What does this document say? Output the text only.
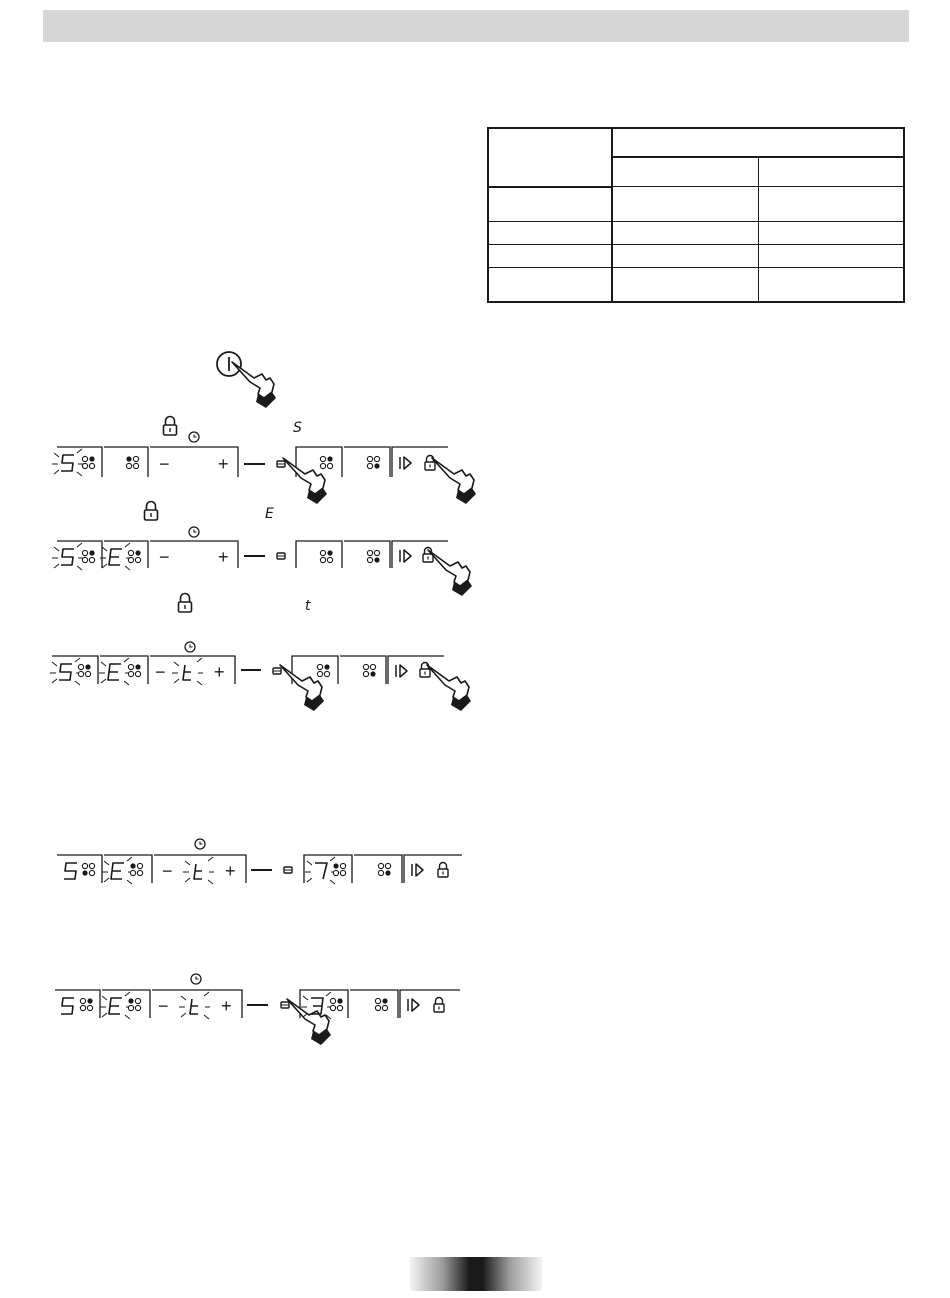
S
−	+
E
−	+
t
−	+
−	+
−	+
